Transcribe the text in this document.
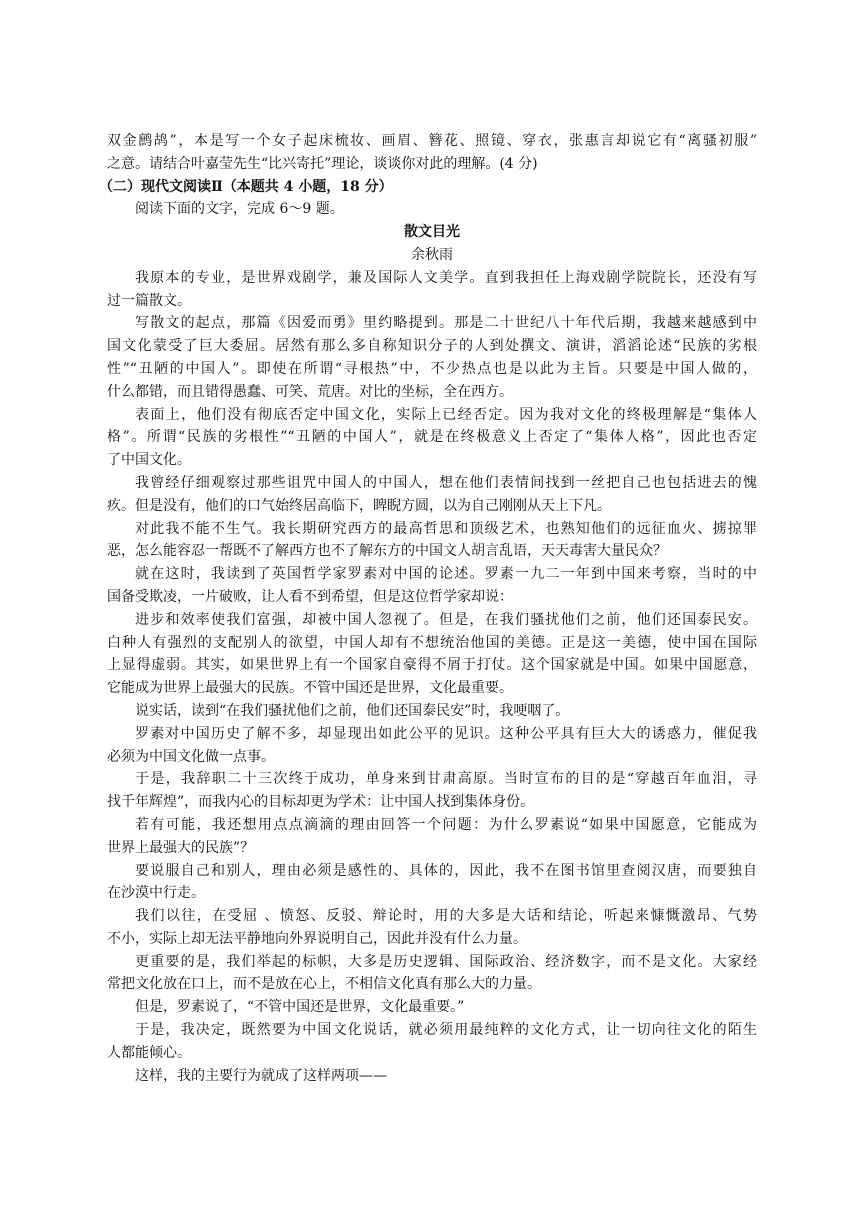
双金鹧鸪”，本是写一个女子起床梳妆、画眉、簪花、照镜、穿衣，张惠言却说它有“离骚初服”
之意。请结合叶嘉莹先生“比兴寄托”理论，谈谈你对此的理解。(4 分)
（二）现代文阅读Ⅱ（本题共 4 小题，18 分）
阅读下面的文字，完成 6～9 题。
散文目光
余秋雨
我原本的专业，是世界戏剧学，兼及国际人文美学。直到我担任上海戏剧学院院长，还没有写
过一篇散文。
写散文的起点，那篇《因爱而勇》里约略提到。那是二十世纪八十年代后期，我越来越感到中
国文化蒙受了巨大委屈。居然有那么多自称知识分子的人到处撰文、演讲，滔滔论述“民族的劣根
性”“丑陋的中国人”。即使在所谓“寻根热”中，不少热点也是以此为主旨。只要是中国人做的，
什么都错，而且错得愚蠢、可笑、荒唐。对比的坐标，全在西方。
表面上，他们没有彻底否定中国文化，实际上已经否定。因为我对文化的终极理解是“集体人
格”。所谓“民族的劣根性”“丑陋的中国人”，就是在终极意义上否定了“集体人格”，因此也否定
了中国文化。
我曾经仔细观察过那些诅咒中国人的中国人，想在他们表情间找到一丝把自己也包括进去的愧
疚。但是没有，他们的口气始终居高临下，睥睨方圆，以为自己刚刚从天上下凡。
对此我不能不生气。我长期研究西方的最高哲思和顶级艺术，也熟知他们的远征血火、掳掠罪
恶，怎么能容忍一帮既不了解西方也不了解东方的中国文人胡言乱语，天天毒害大量民众？
就在这时，我读到了英国哲学家罗素对中国的论述。罗素一九二一年到中国来考察，当时的中
国备受欺凌，一片破败，让人看不到希望，但是这位哲学家却说：
进步和效率使我们富强，却被中国人忽视了。但是，在我们骚扰他们之前，他们还国泰民安。
白种人有强烈的支配别人的欲望，中国人却有不想统治他国的美德。正是这一美德，使中国在国际
上显得虚弱。其实，如果世界上有一个国家自豪得不屑于打仗。这个国家就是中国。如果中国愿意，
它能成为世界上最强大的民族。不管中国还是世界，文化最重要。
说实话，读到“在我们骚扰他们之前，他们还国泰民安”时，我哽咽了。
罗素对中国历史了解不多，却显现出如此公平的见识。这种公平具有巨大大的诱惑力，催促我
必须为中国文化做一点事。
于是，我辞职二十三次终于成功，单身来到甘肃高原。当时宣布的目的是“穿越百年血泪，寻
找千年辉煌”，而我内心的目标却更为学术：让中国人找到集体身份。
若有可能，我还想用点点滴滴的理由回答一个问题：为什么罗素说“如果中国愿意，它能成为
世界上最强大的民族”？
要说服自己和别人，理由必须是感性的、具体的，因此，我不在图书馆里查阅汉唐，而要独自
在沙漠中行走。
我们以往，在受屈 、愤怒、反驳、辩论时，用的大多是大话和结论，听起来慷慨激昂、气势
不小，实际上却无法平静地向外界说明自己，因此并没有什么力量。
更重要的是，我们举起的标帜，大多是历史逻辑、国际政治、经济数字，而不是文化。大家经
常把文化放在口上，而不是放在心上，不相信文化真有那么大的力量。
但是，罗素说了，“不管中国还是世界，文化最重要。”
于是，我决定，既然要为中国文化说话，就必须用最纯粹的文化方式，让一切向往文化的陌生
人都能倾心。
这样，我的主要行为就成了这样两项——
